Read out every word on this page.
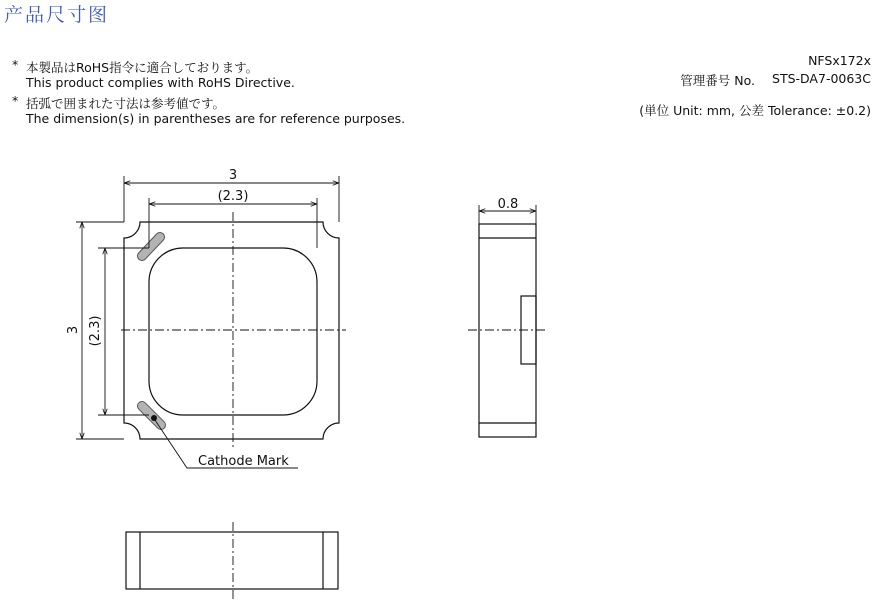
产品尺寸图
* 本製品はRoHS指令に適合しております。
This product complies with RoHS Directive.
* 括弧で囲まれた寸法は参考値です。
The dimension(s) in parentheses are for reference purposes.
NFSx172x
管理番号 No. STS-DA7-0063C
(単位 Unit: mm, 公差 Tolerance: ±0.2)
3
(2.3)
3 (2.3)
Cathode Mark
0.8
